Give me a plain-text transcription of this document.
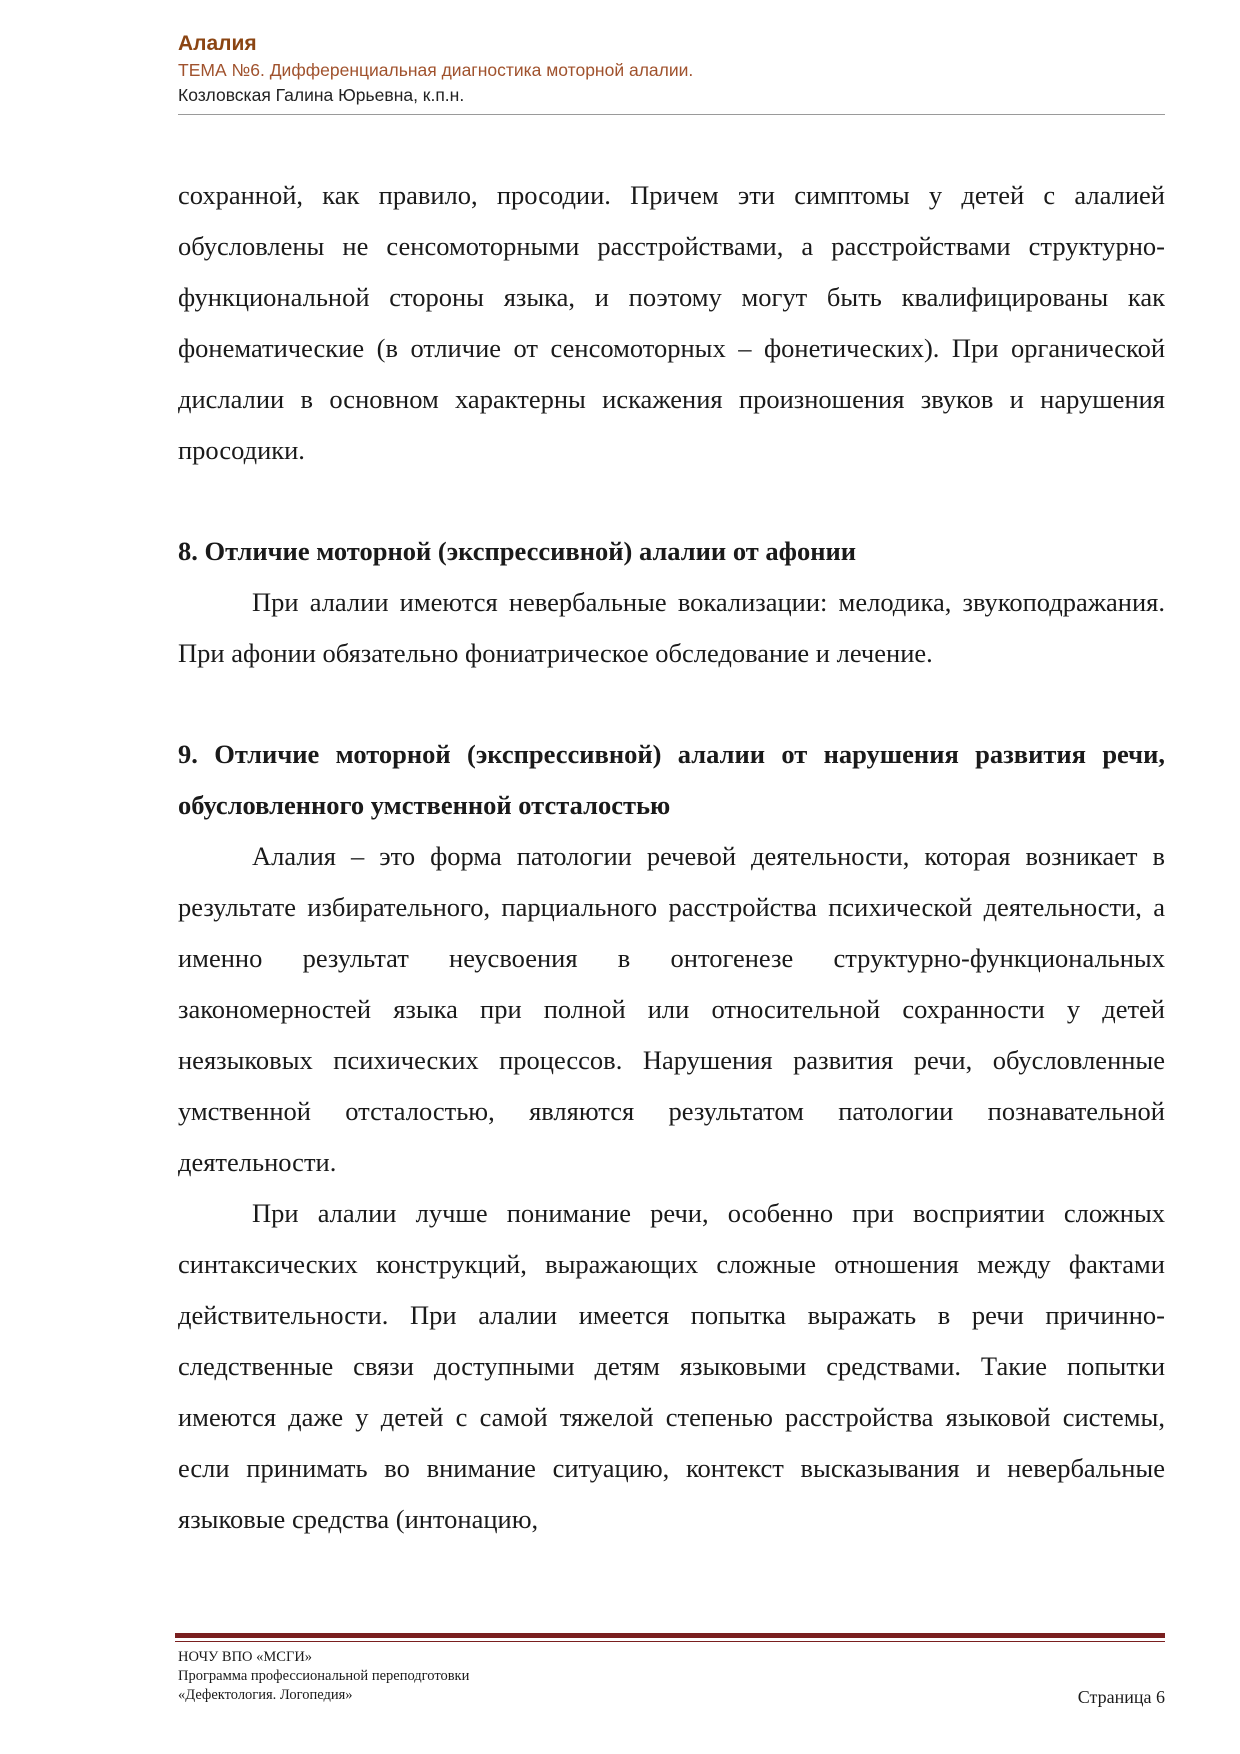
Алалия
ТЕМА №6. Дифференциальная диагностика моторной алалии.
Козловская Галина Юрьевна, к.п.н.

сохранной, как правило, просодии. Причем эти симптомы у детей с алалией обусловлены не сенсомоторными расстройствами, а расстройствами структурно-функциональной стороны языка, и поэтому могут быть квалифицированы как фонематические (в отличие от сенсомоторных – фонетических). При органической дислалии в основном характерны искажения произношения звуков и нарушения просодики.

8. Отличие моторной (экспрессивной) алалии от афонии

При алалии имеются невербальные вокализации: мелодика, звукоподражания. При афонии обязательно фониатрическое обследование и лечение.

9. Отличие моторной (экспрессивной) алалии от нарушения развития речи, обусловленного умственной отсталостью

Алалия – это форма патологии речевой деятельности, которая возникает в результате избирательного, парциального расстройства психической деятельности, а именно результат неусвоения в онтогенезе структурно-функциональных закономерностей языка при полной или относительной сохранности у детей неязыковых психических процессов. Нарушения развития речи, обусловленные умственной отсталостью, являются результатом патологии познавательной деятельности.

При алалии лучше понимание речи, особенно при восприятии сложных синтаксических конструкций, выражающих сложные отношения между фактами действительности. При алалии имеется попытка выражать в речи причинно-следственные связи доступными детям языковыми средствами. Такие попытки имеются даже у детей с самой тяжелой степенью расстройства языковой системы, если принимать во внимание ситуацию, контекст высказывания и невербальные языковые средства (интонацию,

НОЧУ ВПО «МСГИ»
Программа профессиональной переподготовки
«Дефектология. Логопедия»	Страница 6
